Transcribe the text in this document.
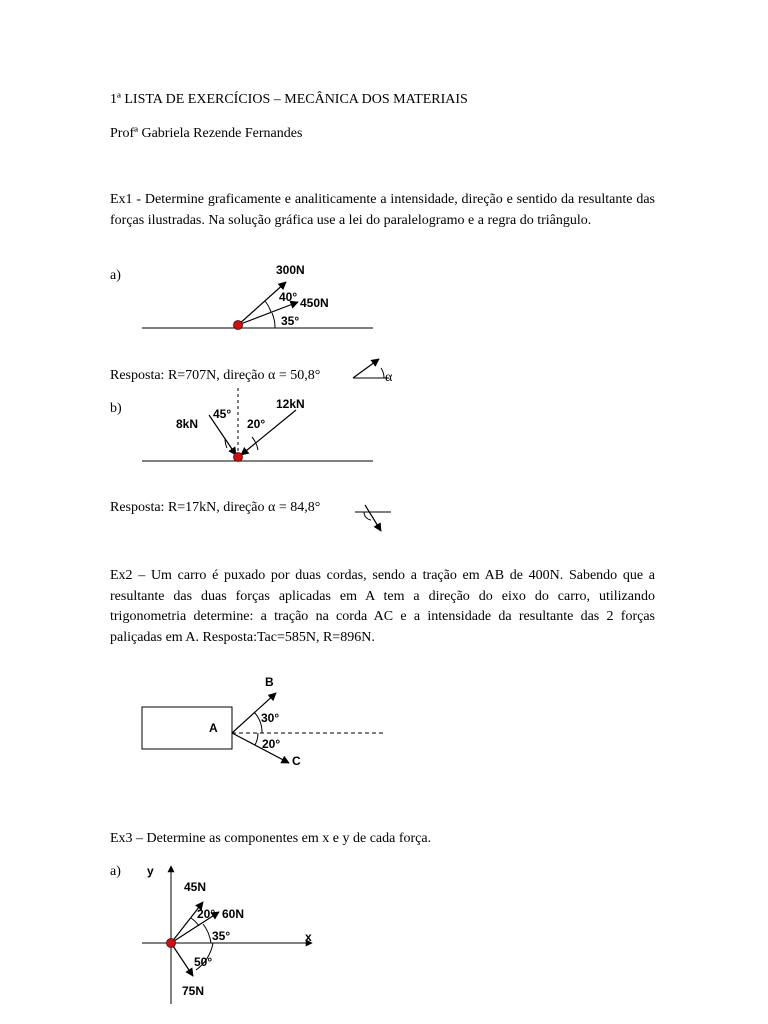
1ª LISTA DE EXERCÍCIOS – MECÂNICA DOS MATERIAIS
Profª Gabriela Rezende Fernandes
Ex1 - Determine graficamente e analiticamente a intensidade, direção e sentido da resultante das forças ilustradas. Na solução gráfica use a lei do paralelogramo e a regra do triângulo.
a)
Resposta: R=707N, direção α = 50,8°
b)
Resposta: R=17kN, direção α = 84,8°
Ex2 – Um carro é puxado por duas cordas, sendo a tração em AB de 400N. Sabendo que a resultante das duas forças aplicadas em A tem a direção do eixo do carro, utilizando trigonometria determine: a tração na corda AC e a intensidade da resultante das 2 forças paliçadas em A. Resposta:Tac=585N, R=896N.
Ex3 – Determine as componentes em x e y de cada força.
a)
300N
40° 450N
35°
α
45°
12kN
8kN	20°
A
B
30°
20°
C
y
x
45N
20° 60N
35°
50°
75N
